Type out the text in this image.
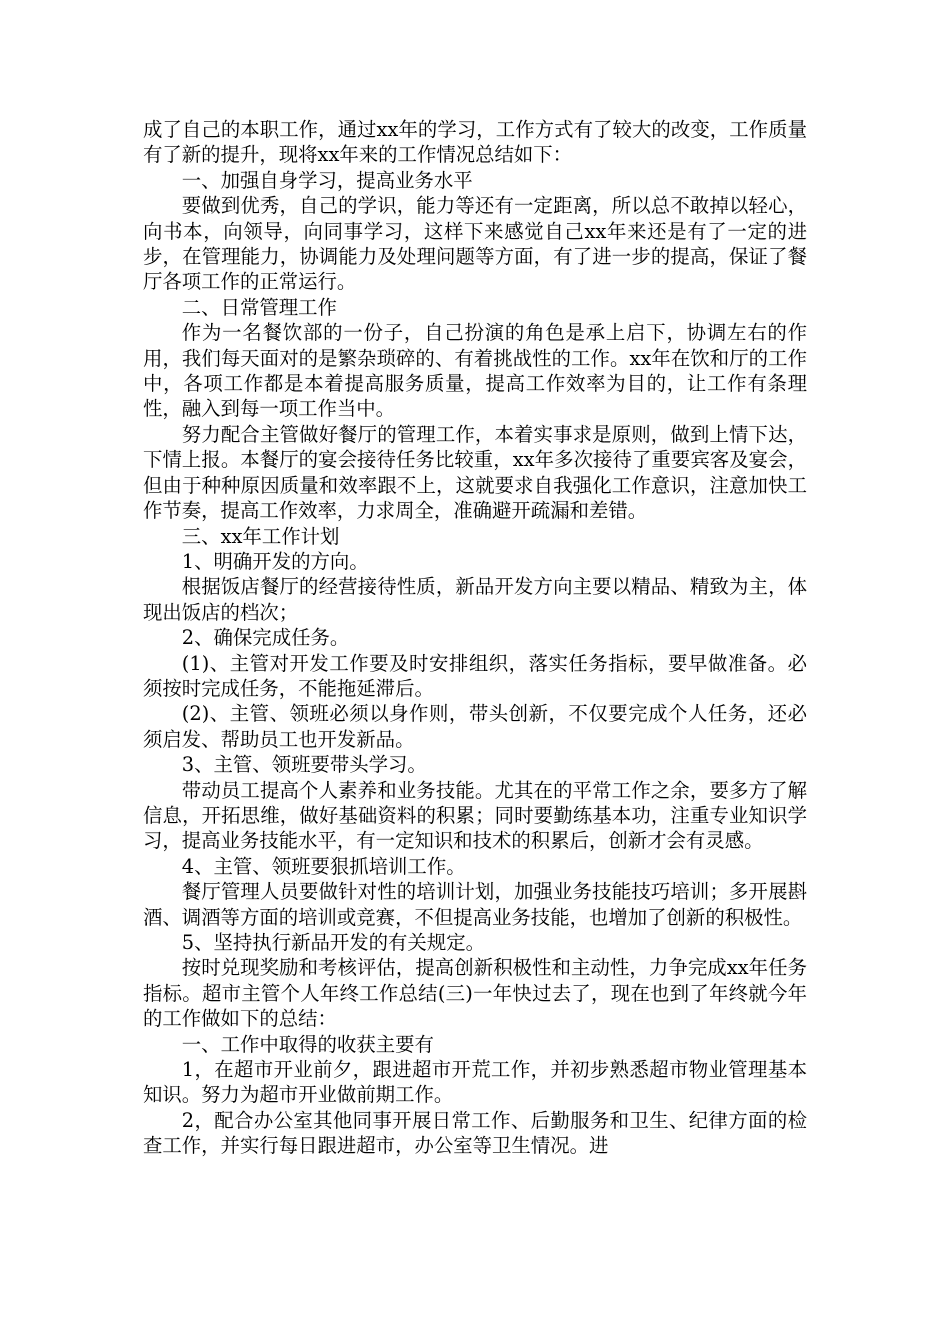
成了自己的本职工作，通过xx年的学习，工作方式有了较大的改变，工作质量有了新的提升，现将xx年来的工作情况总结如下：

一、加强自身学习，提高业务水平

要做到优秀，自己的学识，能力等还有一定距离，所以总不敢掉以轻心，向书本，向领导，向同事学习，这样下来感觉自己xx年来还是有了一定的进步，在管理能力，协调能力及处理问题等方面，有了进一步的提高，保证了餐厅各项工作的正常运行。

二、日常管理工作

作为一名餐饮部的一份子，自己扮演的角色是承上启下，协调左右的作用，我们每天面对的是繁杂琐碎的、有着挑战性的工作。xx年在饮和厅的工作中，各项工作都是本着提高服务质量，提高工作效率为目的，让工作有条理性，融入到每一项工作当中。

努力配合主管做好餐厅的管理工作，本着实事求是原则，做到上情下达，下情上报。本餐厅的宴会接待任务比较重，xx年多次接待了重要宾客及宴会，但由于种种原因质量和效率跟不上，这就要求自我强化工作意识，注意加快工作节奏，提高工作效率，力求周全，准确避开疏漏和差错。

三、xx年工作计划

1、明确开发的方向。

根据饭店餐厅的经营接待性质，新品开发方向主要以精品、精致为主，体现出饭店的档次；

2、确保完成任务。

(1)、主管对开发工作要及时安排组织，落实任务指标，要早做准备。必须按时完成任务，不能拖延滞后。

(2)、主管、领班必须以身作则，带头创新，不仅要完成个人任务，还必须启发、帮助员工也开发新品。

3、主管、领班要带头学习。

带动员工提高个人素养和业务技能。尤其在的平常工作之余，要多方了解信息，开拓思维，做好基础资料的积累；同时要勤练基本功，注重专业知识学习，提高业务技能水平，有一定知识和技术的积累后，创新才会有灵感。

4、主管、领班要狠抓培训工作。

餐厅管理人员要做针对性的培训计划，加强业务技能技巧培训；多开展斟酒、调酒等方面的培训或竞赛，不但提高业务技能，也增加了创新的积极性。

5、坚持执行新品开发的有关规定。

按时兑现奖励和考核评估，提高创新积极性和主动性，力争完成xx年任务指标。超市主管个人年终工作总结(三)一年快过去了，现在也到了年终就今年的工作做如下的总结：

一、工作中取得的收获主要有

1，在超市开业前夕，跟进超市开荒工作，并初步熟悉超市物业管理基本知识。努力为超市开业做前期工作。

2，配合办公室其他同事开展日常工作、后勤服务和卫生、纪律方面的检查工作，并实行每日跟进超市，办公室等卫生情况。进
